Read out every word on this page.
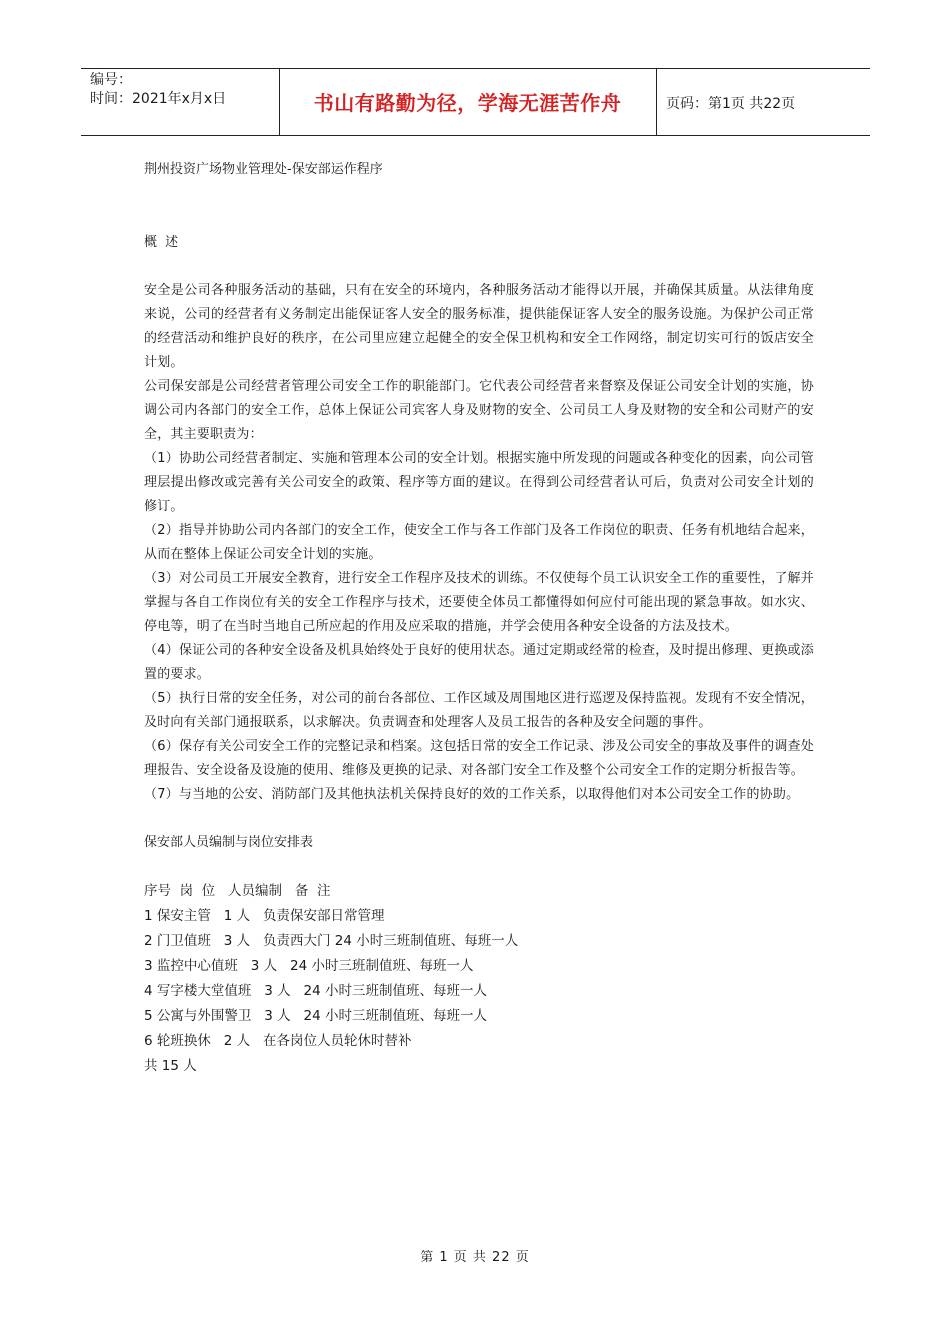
编号：
时间：2021年x月x日	书山有路勤为径，学海无涯苦作舟	页码：第1页 共22页
荆州投资广场物业管理处-保安部运作程序
概 述

安全是公司各种服务活动的基础，只有在安全的环境内，各种服务活动才能得以开展，并确保其质量。从法律角度来说，公司的经营者有义务制定出能保证客人安全的服务标准，提供能保证客人安全的服务设施。为保护公司正常的经营活动和维护良好的秩序，在公司里应建立起健全的安全保卫机构和安全工作网络，制定切实可行的饭店安全计划。

公司保安部是公司经营者管理公司安全工作的职能部门。它代表公司经营者来督察及保证公司安全计划的实施，协调公司内各部门的安全工作，总体上保证公司宾客人身及财物的安全、公司员工人身及财物的安全和公司财产的安全，其主要职责为：

（1）协助公司经营者制定、实施和管理本公司的安全计划。根据实施中所发现的问题或各种变化的因素，向公司管理层提出修改或完善有关公司安全的政策、程序等方面的建议。在得到公司经营者认可后，负责对公司安全计划的修订。

（2）指导并协助公司内各部门的安全工作，使安全工作与各工作部门及各工作岗位的职责、任务有机地结合起来，从而在整体上保证公司安全计划的实施。

（3）对公司员工开展安全教育，进行安全工作程序及技术的训练。不仅使每个员工认识安全工作的重要性，了解并掌握与各自工作岗位有关的安全工作程序与技术，还要使全体员工都懂得如何应付可能出现的紧急事故。如水灾、停电等，明了在当时当地自己所应起的作用及应采取的措施，并学会使用各种安全设备的方法及技术。

（4）保证公司的各种安全设备及机具始终处于良好的使用状态。通过定期或经常的检查，及时提出修理、更换或添置的要求。

（5）执行日常的安全任务，对公司的前台各部位、工作区域及周围地区进行巡逻及保持监视。发现有不安全情况，及时向有关部门通报联系，以求解决。负责调查和处理客人及员工报告的各种及安全问题的事件。

（6）保存有关公司安全工作的完整记录和档案。这包括日常的安全工作记录、涉及公司安全的事故及事件的调查处理报告、安全设备及设施的使用、维修及更换的记录、对各部门安全工作及整个公司安全工作的定期分析报告等。

（7）与当地的公安、消防部门及其他执法机关保持良好的效的工作关系，以取得他们对本公司安全工作的协助。

保安部人员编制与岗位安排表
序号  岗  位   人员编制   备  注
1 保安主管   1 人   负责保安部日常管理
2 门卫值班   3 人   负责西大门 24 小时三班制值班、每班一人
3 监控中心值班   3 人   24 小时三班制值班、每班一人
4 写字楼大堂值班   3 人   24 小时三班制值班、每班一人
5 公寓与外围警卫   3 人   24 小时三班制值班、每班一人
6 轮班换休   2 人   在各岗位人员轮休时替补
共 15 人
第 1 页 共 22 页
